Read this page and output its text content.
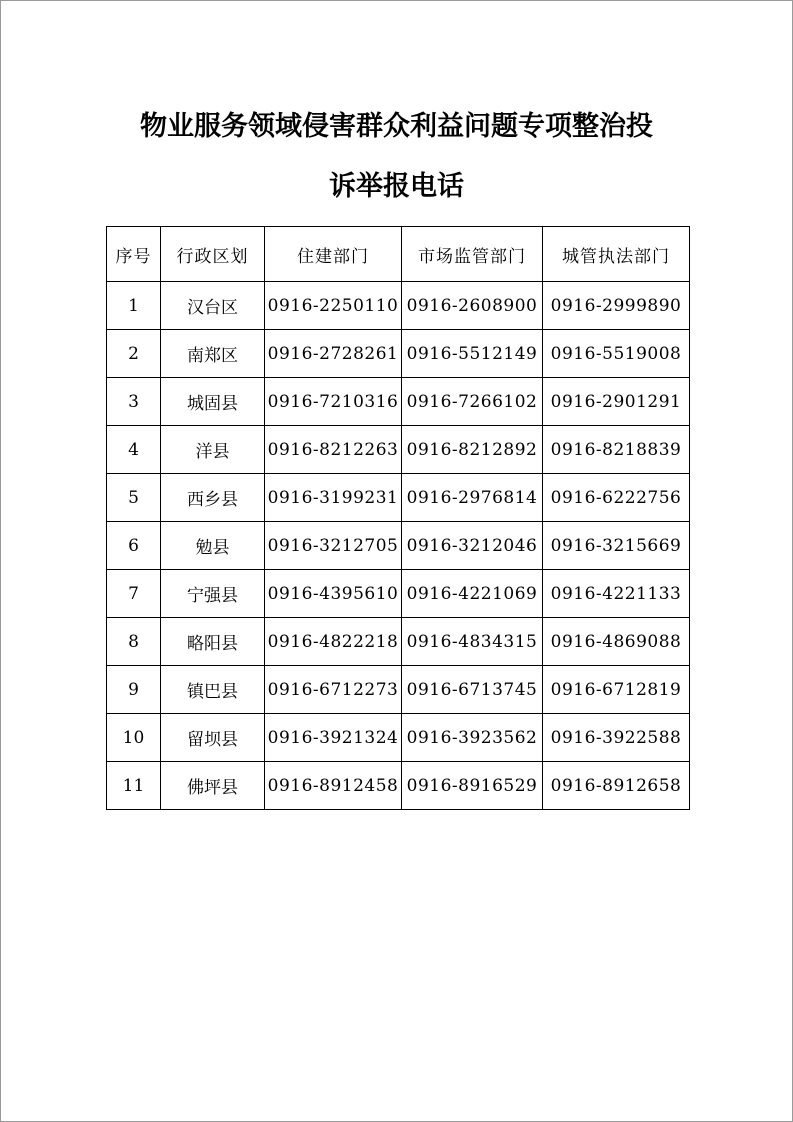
物业服务领域侵害群众利益问题专项整治投
诉举报电话
序号	行政区划	住建部门	市场监管部门	城管执法部门
1	汉台区	0916-2250110	0916-2608900	0916-2999890
2	南郑区	0916-2728261	0916-5512149	0916-5519008
3	城固县	0916-7210316	0916-7266102	0916-2901291
4	洋县	0916-8212263	0916-8212892	0916-8218839
5	西乡县	0916-3199231	0916-2976814	0916-6222756
6	勉县	0916-3212705	0916-3212046	0916-3215669
7	宁强县	0916-4395610	0916-4221069	0916-4221133
8	略阳县	0916-4822218	0916-4834315	0916-4869088
9	镇巴县	0916-6712273	0916-6713745	0916-6712819
10	留坝县	0916-3921324	0916-3923562	0916-3922588
11	佛坪县	0916-8912458	0916-8916529	0916-8912658
